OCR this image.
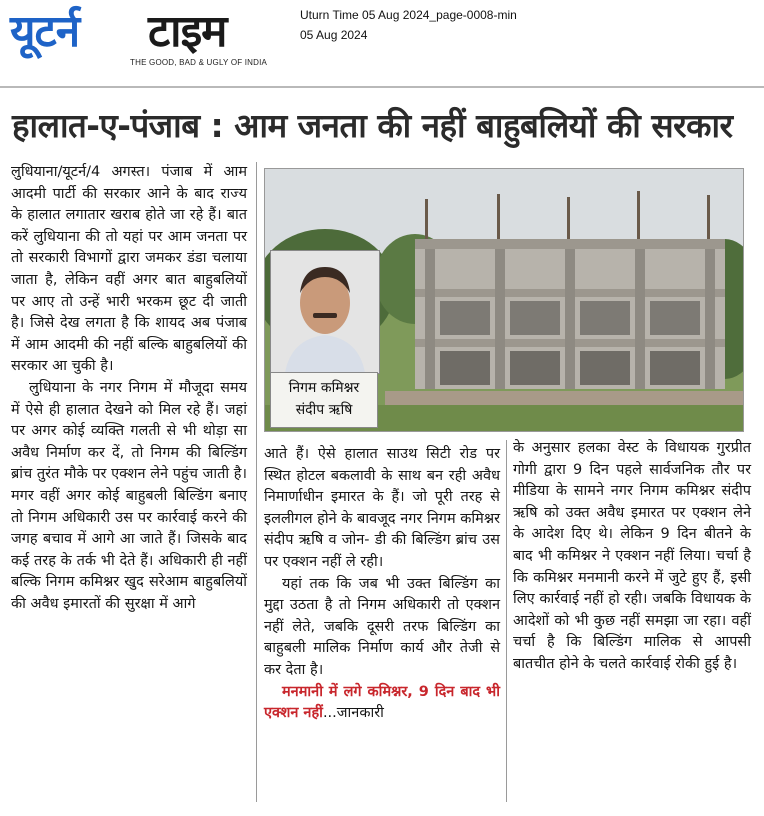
यूटर्न टाइम
THE GOOD, BAD & UGLY OF INDIA
Uturn Time 05 Aug 2024_page-0008-min
05 Aug 2024
हालात-ए-पंजाब : आम जनता की नहीं बाहुबलियों की सरकार

लुधियाना/यूटर्न/4 अगस्त। पंजाब में आम आदमी पार्टी की सरकार आने के बाद राज्य के हालात लगातार खराब होते जा रहे हैं। बात करें लुधियाना की तो यहां पर आम जनता पर तो सरकारी विभागों द्वारा जमकर डंडा चलाया जाता है, लेकिन वहीं अगर बात बाहुबलियों पर आए तो उन्हें भारी भरकम छूट दी जाती है। जिसे देख लगता है कि शायद अब पंजाब में आम आदमी की नहीं बल्कि बाहुबलियों की सरकार आ चुकी है।

लुधियाना के नगर निगम में मौजूदा समय में ऐसे ही हालात देखने को मिल रहे हैं। जहां पर अगर कोई व्यक्ति गलती से भी थोड़ा सा अवैध निर्माण कर दें, तो निगम की बिल्डिंग ब्रांच तुरंत मौके पर एक्शन लेने पहुंच जाती है। मगर वहीं अगर कोई बाहुबली बिल्डिंग बनाए तो निगम अधिकारी उस पर कार्रवाई करने की जगह बचाव में आगे आ जाते हैं। जिसके बाद कई तरह के तर्क भी देते हैं। अधिकारी ही नहीं बल्कि निगम कमिश्नर खुद सरेआम बाहुबलियों की अवैध इमारतों की सुरक्षा में आगे

निगम कमिश्नर
संदीप ऋषि

आते हैं। ऐसे हालात साउथ सिटी रोड पर स्थित होटल बकलावी के साथ बन रही अवैध निमार्णाधीन इमारत के हैं। जो पूरी तरह से इललीगल होने के बावजूद नगर निगम कमिश्नर संदीप ऋषि व जोन- डी की बिल्डिंग ब्रांच उस पर एक्शन नहीं ले रही।

यहां तक कि जब भी उक्त बिल्डिंग का मुद्दा उठता है तो निगम अधिकारी तो एक्शन नहीं लेते, जबकि दूसरी तरफ बिल्डिंग का बाहुबली मालिक निर्माण कार्य और तेजी से कर देता है।

मनमानी में लगे कमिश्नर, 9 दिन बाद भी एक्शन नहीं...जानकारी

के अनुसार हलका वेस्ट के विधायक गुरप्रीत गोगी द्वारा 9 दिन पहले सार्वजनिक तौर पर मीडिया के सामने नगर निगम कमिश्नर संदीप ऋषि को उक्त अवैध इमारत पर एक्शन लेने के आदेश दिए थे। लेकिन 9 दिन बीतने के बाद भी कमिश्नर ने एक्शन नहीं लिया। चर्चा है कि कमिश्नर मनमानी करने में जुटे हुए हैं, इसी लिए कार्रवाई नहीं हो रही। जबकि विधायक के आदेशों को भी कुछ नहीं समझा जा रहा। वहीं चर्चा है कि बिल्डिंग मालिक से आपसी बातचीत होने के चलते कार्रवाई रोकी हुई है।
